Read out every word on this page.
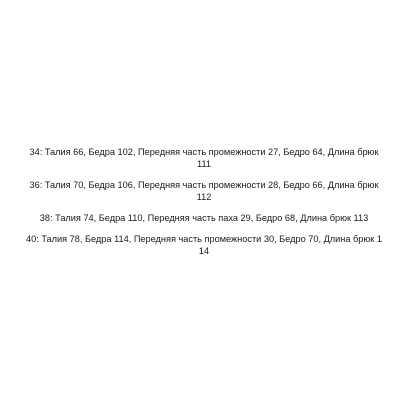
34: Талия 66, Бедра 102, Передняя часть промежности 27, Бедро 64, Длина брюк 111

36: Талия 70, Бедра 106, Передняя часть промежности 28, Бедро 66, Длина брюк 112

38: Талия 74, Бедра 110, Передняя часть паха 29, Бедро 68, Длина брюк 113

40: Талия 78, Бедра 114, Передняя часть промежности 30, Бедро 70, Длина брюк 114
